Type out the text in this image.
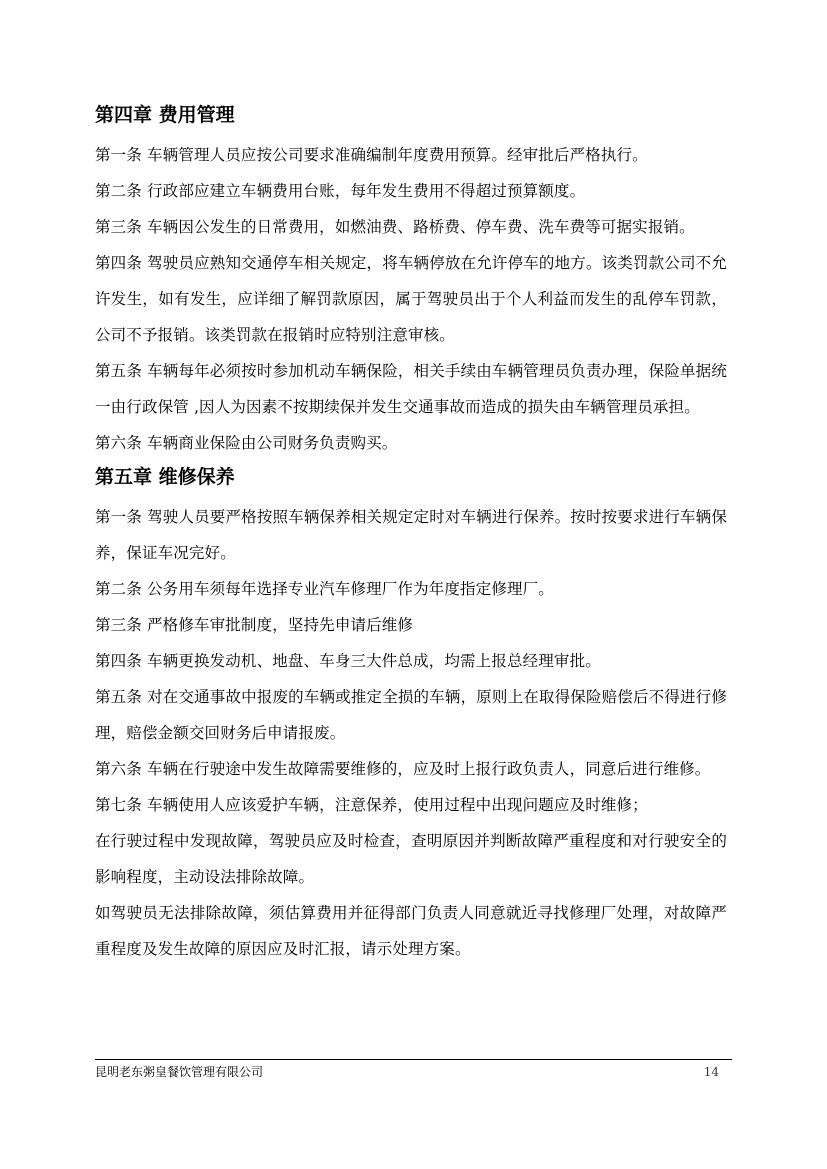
第四章 费用管理

第一条 车辆管理人员应按公司要求准确编制年度费用预算。经审批后严格执行。

第二条 行政部应建立车辆费用台账，每年发生费用不得超过预算额度。

第三条 车辆因公发生的日常费用，如燃油费、路桥费、停车费、洗车费等可据实报销。

第四条 驾驶员应熟知交通停车相关规定，将车辆停放在允许停车的地方。该类罚款公司不允许发生，如有发生，应详细了解罚款原因，属于驾驶员出于个人利益而发生的乱停车罚款，公司不予报销。该类罚款在报销时应特别注意审核。

第五条 车辆每年必须按时参加机动车辆保险，相关手续由车辆管理员负责办理，保险单据统一由行政保管 ,因人为因素不按期续保并发生交通事故而造成的损失由车辆管理员承担。

第六条 车辆商业保险由公司财务负责购买。

第五章 维修保养

第一条 驾驶人员要严格按照车辆保养相关规定定时对车辆进行保养。按时按要求进行车辆保养，保证车况完好。

第二条 公务用车须每年选择专业汽车修理厂作为年度指定修理厂。

第三条 严格修车审批制度，坚持先申请后维修

第四条 车辆更换发动机、地盘、车身三大件总成，均需上报总经理审批。

第五条 对在交通事故中报废的车辆或推定全损的车辆，原则上在取得保险赔偿后不得进行修理，赔偿金额交回财务后申请报废。

第六条 车辆在行驶途中发生故障需要维修的，应及时上报行政负责人，同意后进行维修。

第七条 车辆使用人应该爱护车辆，注意保养，使用过程中出现问题应及时维修；

在行驶过程中发现故障，驾驶员应及时检查，查明原因并判断故障严重程度和对行驶安全的影响程度，主动设法排除故障。

如驾驶员无法排除故障，须估算费用并征得部门负责人同意就近寻找修理厂处理，对故障严重程度及发生故障的原因应及时汇报，请示处理方案。

昆明老东粥皇餐饮管理有限公司	14
